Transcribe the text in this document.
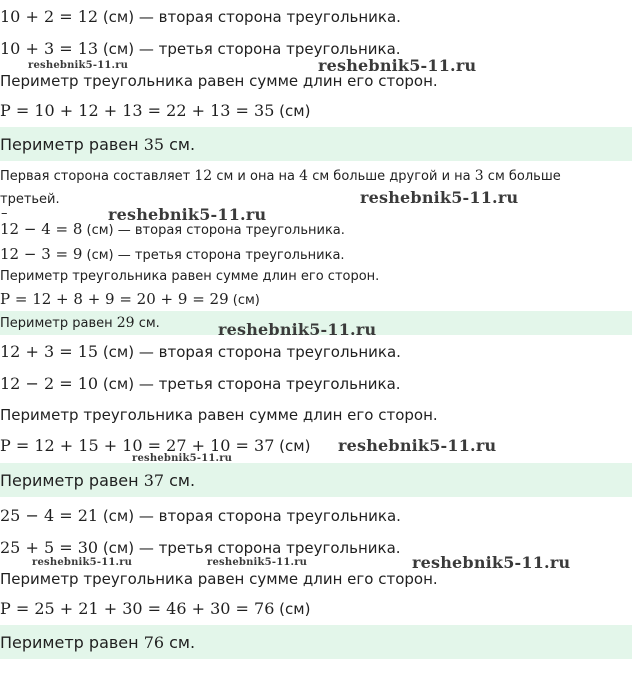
10 + 2 = 12 (см) — вторая сторона треугольника.
10 + 3 = 13 (см) — третья сторона треугольника.
Периметр треугольника равен сумме длин его сторон.
P = 10 + 12 + 13 = 22 + 13 = 35 (см)
Периметр равен 35 см.
Первая сторона составляет 12 см и она на 4 см больше другой и на 3 см больше
третьей.
–
12 − 4 = 8 (см) — вторая сторона треугольника.
12 − 3 = 9 (см) — третья сторона треугольника.
Периметр треугольника равен сумме длин его сторон.
P = 12 + 8 + 9 = 20 + 9 = 29 (см)
Периметр равен 29 см.
12 + 3 = 15 (см) — вторая сторона треугольника.
12 − 2 = 10 (см) — третья сторона треугольника.
Периметр треугольника равен сумме длин его сторон.
P = 12 + 15 + 10 = 27 + 10 = 37 (см)
Периметр равен 37 см.
25 − 4 = 21 (см) — вторая сторона треугольника.
25 + 5 = 30 (см) — третья сторона треугольника.
Периметр треугольника равен сумме длин его сторон.
P = 25 + 21 + 30 = 46 + 30 = 76 (см)
Периметр равен 76 см.
reshebnik5-11.ru	reshebnik5-11.ru
reshebnik5-11.ru
reshebnik5-11.ru
reshebnik5-11.ru
reshebnik5-11.ru
reshebnik5-11.ru
reshebnik5-11.ru	reshebnik5-11.ru	reshebnik5-11.ru
